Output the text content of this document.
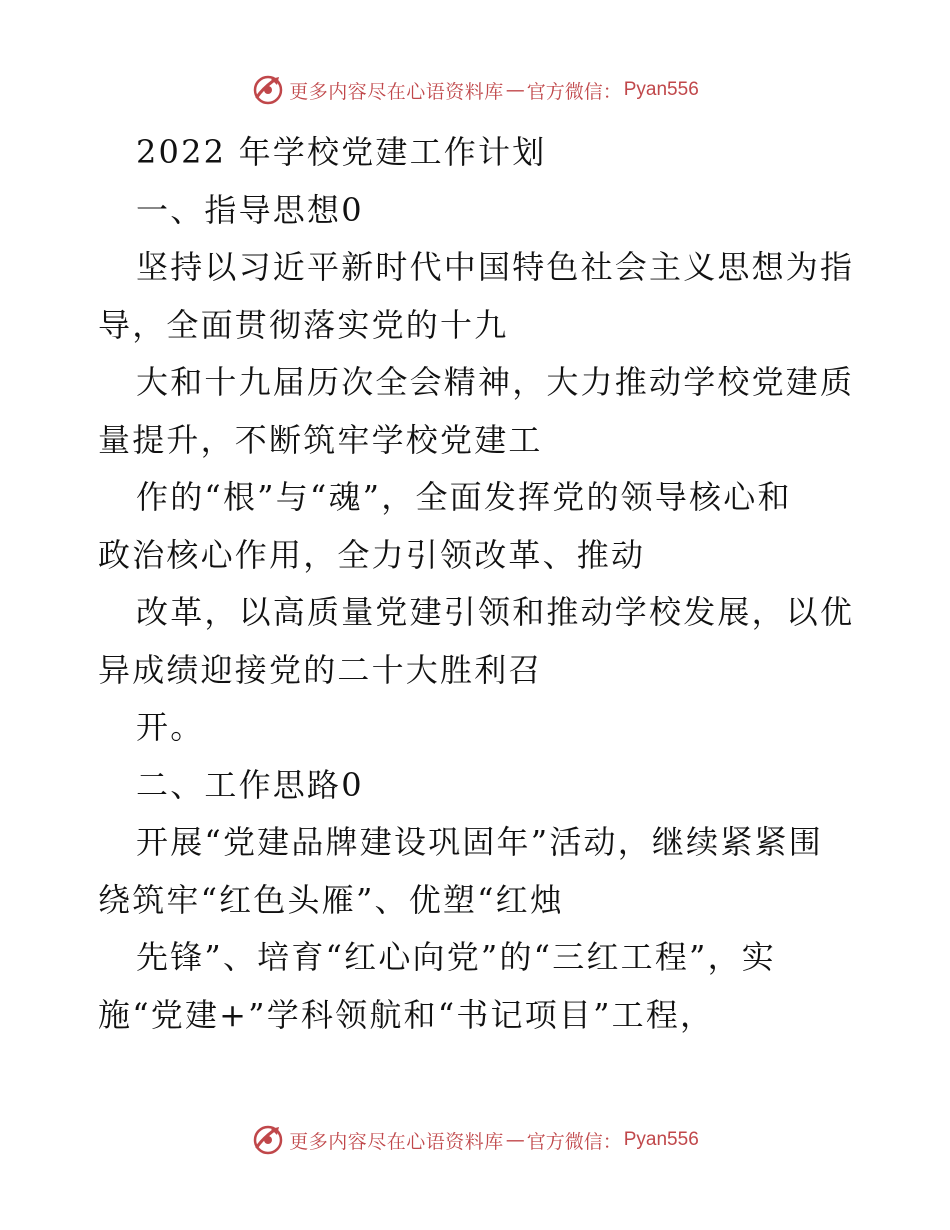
更多内容尽在心语资料库 — 官方微信： Pyan556
2022 年学校党建工作计划
一、指导思想0
坚持以习近平新时代中国特色社会主义思想为指
导，全面贯彻落实党的十九
大和十九届历次全会精神，大力推动学校党建质
量提升，不断筑牢学校党建工
作的“根”与“魂”，全面发挥党的领导核心和
政治核心作用，全力引领改革、推动
改革，以高质量党建引领和推动学校发展，以优
异成绩迎接党的二十大胜利召
开。
二、工作思路0
开展“党建品牌建设巩固年”活动，继续紧紧围
绕筑牢“红色头雁”、优塑“红烛
先锋”、培育“红心向党”的“三红工程”，实
施“党建+”学科领航和“书记项目”工程，
更多内容尽在心语资料库 — 官方微信： Pyan556
